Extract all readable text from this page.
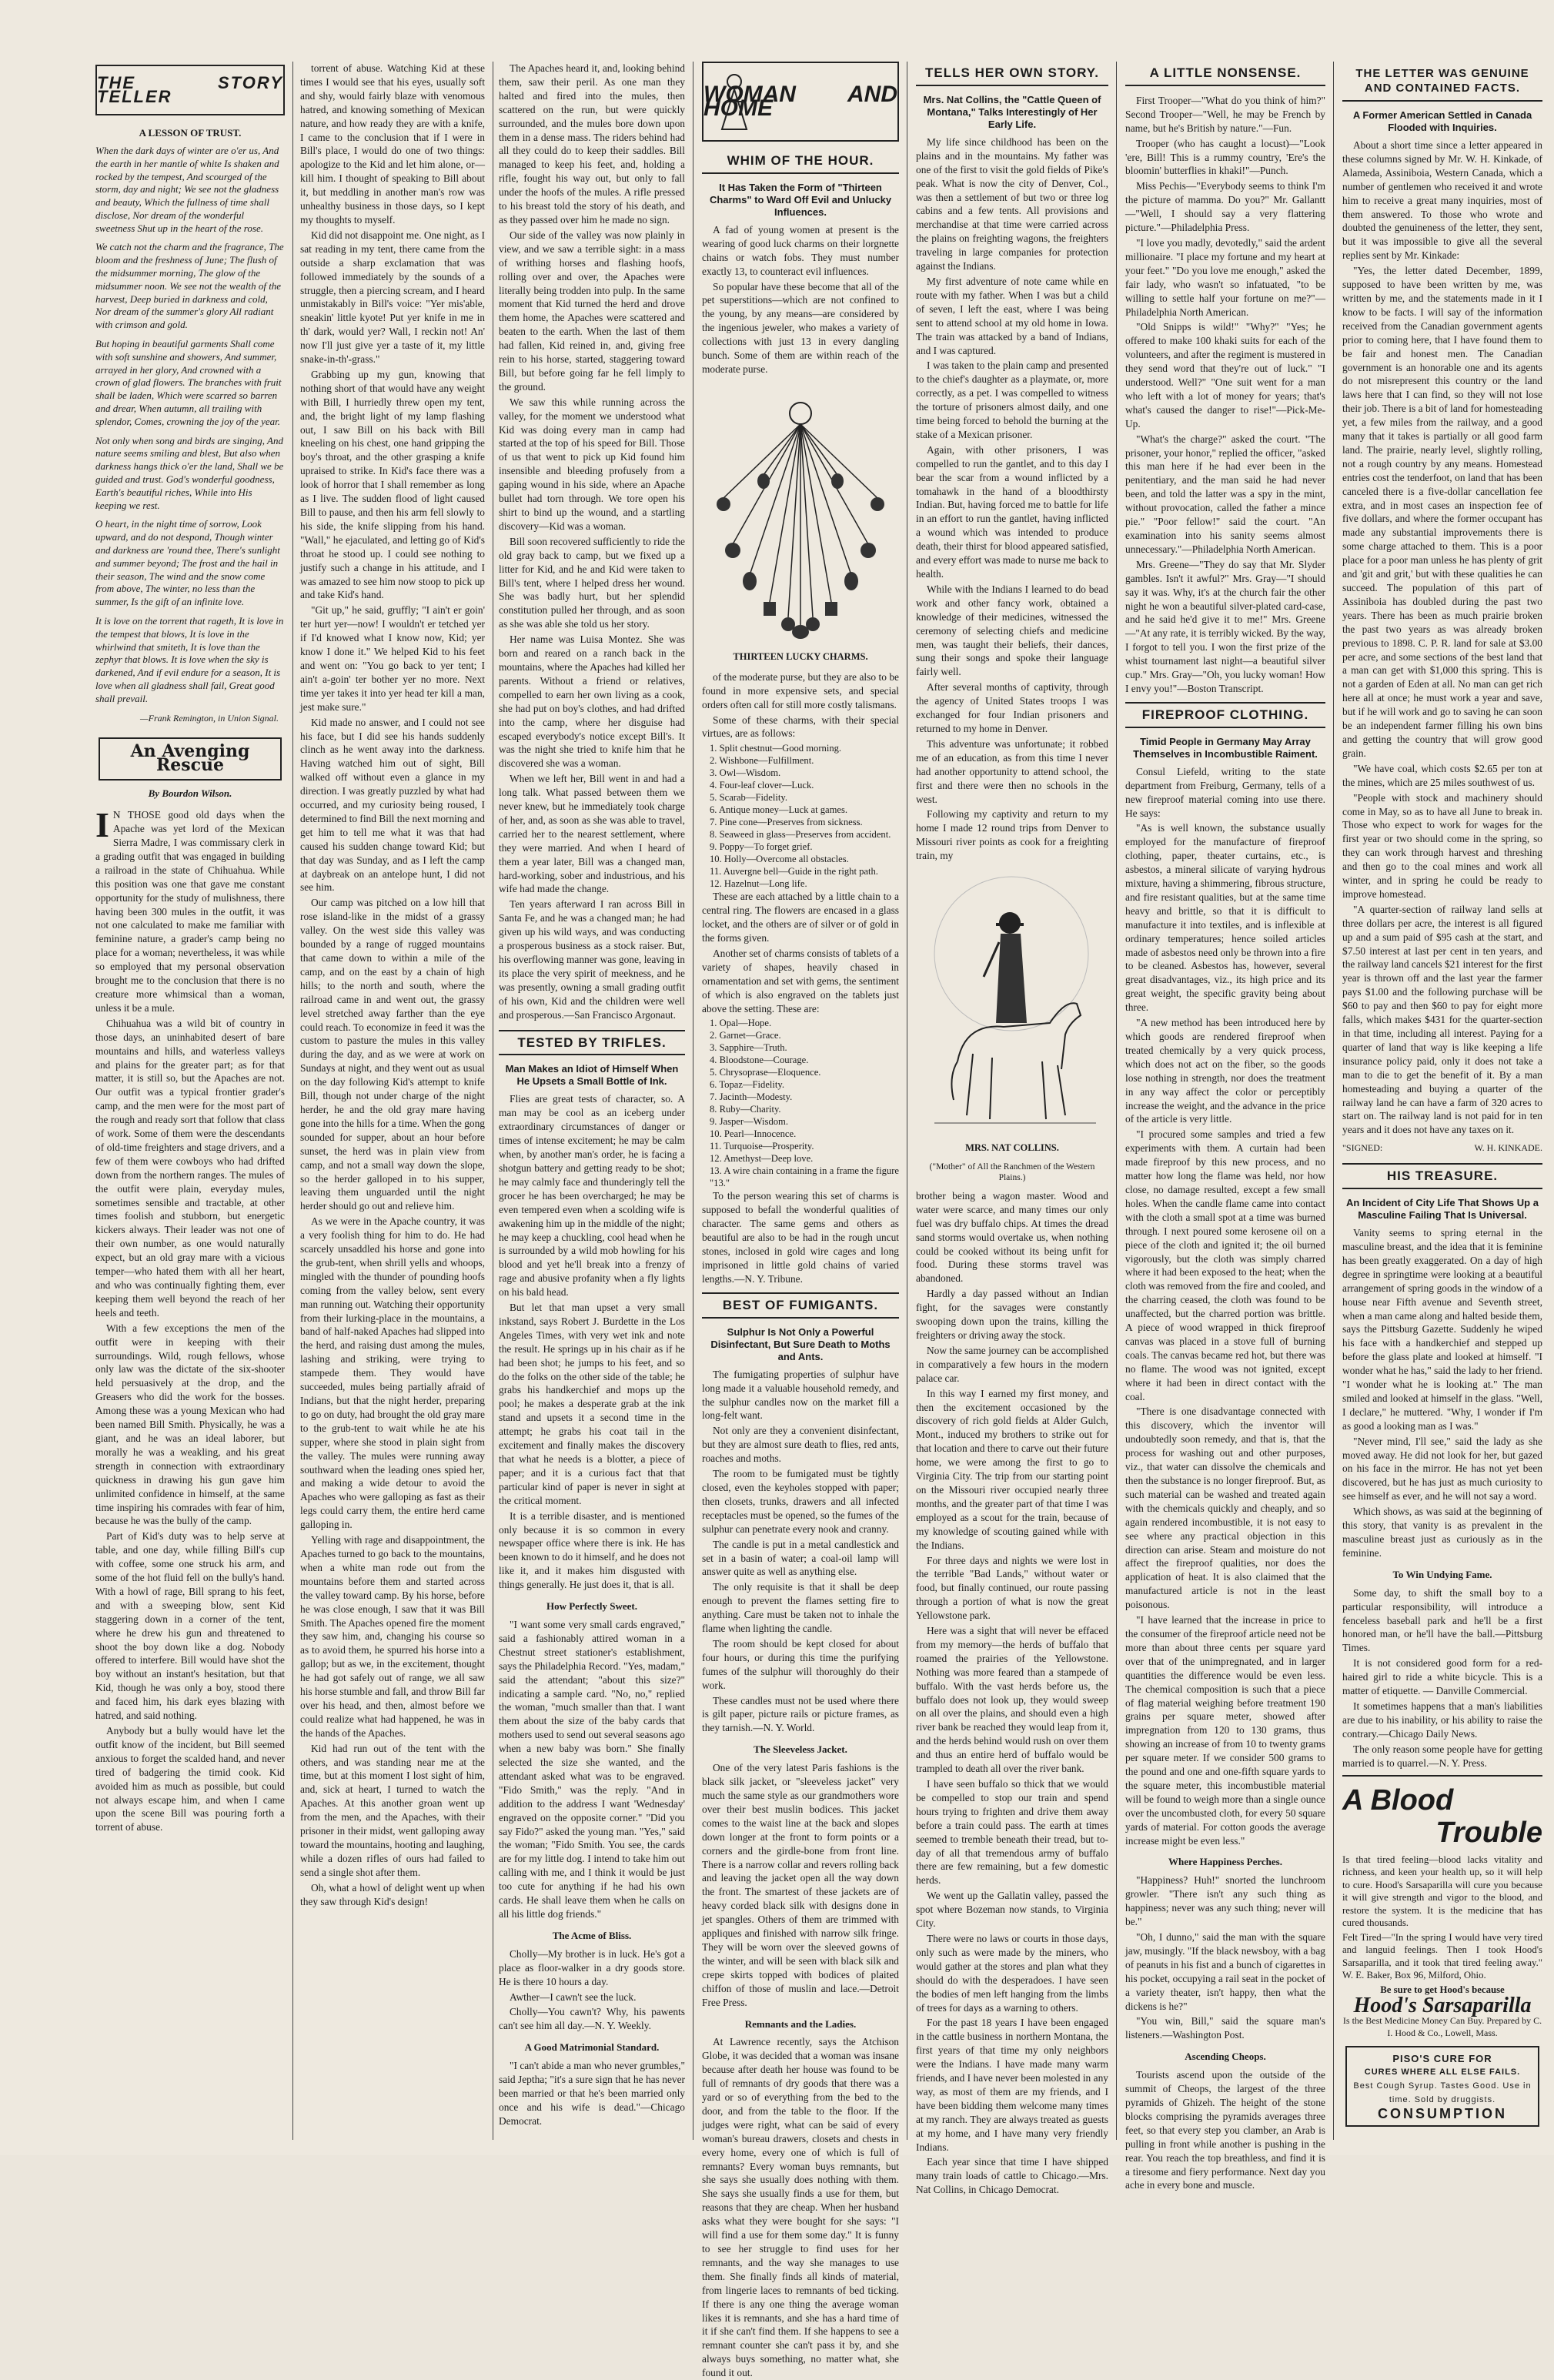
THE STORY TELLER
A LESSON OF TRUST.

When the dark days of winter are o'er us, And the earth in her mantle of white Is shaken and rocked by the tempest, And scourged of the storm, day and night; We see not the gladness and beauty, Which the fullness of time shall disclose, Nor dream of the wonderful sweetness Shut up in the heart of the rose.

We catch not the charm and the fragrance, The bloom and the freshness of June; The flush of the midsummer morning, The glow of the midsummer noon. We see not the wealth of the harvest, Deep buried in darkness and cold, Nor dream of the summer's glory All radiant with crimson and gold.

But hoping in beautiful garments Shall come with soft sunshine and showers, And summer, arrayed in her glory, And crowned with a crown of glad flowers. The branches with fruit shall be laden, Which were scarred so barren and drear, When autumn, all trailing with splendor, Comes, crowning the joy of the year.

Not only when song and birds are singing, And nature seems smiling and blest, But also when darkness hangs thick o'er the land, Shall we be guided and trust. God's wonderful goodness, Earth's beautiful riches, While into His keeping we rest.

O heart, in the night time of sorrow, Look upward, and do not despond, Though winter and darkness are 'round thee, There's sunlight and summer beyond; The frost and the hail in their season, The wind and the snow come from above, The winter, no less than the summer, Is the gift of an infinite love.

It is love on the torrent that rageth, It is love in the tempest that blows, It is love in the whirlwind that smiteth, It is love than the zephyr that blows. It is love when the sky is darkened, And if evil endure for a season, It is love when all gladness shall fail, Great good shall prevail.

—Frank Remington, in Union Signal.
An Avenging Rescue
By Bourdon Wilson.
I N THOSE good old days when the Apache was yet lord of the Mexican Sierra Madre, I was commissary clerk in a grading outfit that was engaged in building a railroad in the state of Chihuahua. While this position was one that gave me constant opportunity for the study of mulishness, there having been 300 mules in the outfit, it was not one calculated to make me familiar with feminine nature, a grader's camp being no place for a woman; nevertheless, it was while so employed that my personal observation brought me to the conclusion that there is no creature more whimsical than a woman, unless it be a mule.

Chihuahua was a wild bit of country in those days, an uninhabited desert of bare mountains and hills, and waterless valleys and plains for the greater part; as for that matter, it is still so, but the Apaches are not. Our outfit was a typical frontier grader's camp, and the men were for the most part of the rough and ready sort that follow that class of work. Some of them were the descendants of old-time freighters and stage drivers, and a few of them were cowboys who had drifted down from the northern ranges. The mules of the outfit were plain, everyday mules, sometimes sensible and tractable, at other times foolish and stubborn, but energetic kickers always. Their leader was not one of their own number, as one would naturally expect, but an old gray mare with a vicious temper—who hated them with all her heart, and who was continually fighting them, ever keeping them well beyond the reach of her heels and teeth.

With a few exceptions the men of the outfit were in keeping with their surroundings. Wild, rough fellows, whose only law was the dictate of the six-shooter held persuasively at the drop, and the Greasers who did the work for the bosses. Among these was a young Mexican who had been named Bill Smith. Physically, he was a giant, and he was an ideal laborer, but morally he was a weakling, and his great strength in connection with extraordinary quickness in drawing his gun gave him unlimited confidence in himself, at the same time inspiring his comrades with fear of him, because he was the bully of the camp.

Part of Kid's duty was to help serve at table, and one day, while filling Bill's cup with coffee, some one struck his arm, and some of the hot fluid fell on the bully's hand. With a howl of rage, Bill sprang to his feet, and with a sweeping blow, sent Kid staggering down in a corner of the tent, where he drew his gun and threatened to shoot the boy down like a dog. Nobody offered to interfere. Bill would have shot the boy without an instant's hesitation, but that Kid, though he was only a boy, stood there and faced him, his dark eyes blazing with hatred, and said nothing.

Anybody but a bully would have let the outfit know of the incident, but Bill seemed anxious to forget the scalded hand, and never tired of badgering the timid cook. Kid avoided him as much as possible, but could not always escape him, and when I came upon the scene Bill was pouring forth a torrent of abuse.

torrent of abuse. Watching Kid at these times I would see that his eyes, usually soft and shy, would fairly blaze with venomous hatred, and knowing something of Mexican nature, and how ready they are with a knife, I came to the conclusion that if I were in Bill's place, I would do one of two things: apologize to the Kid and let him alone, or—kill him. I thought of speaking to Bill about it, but meddling in another man's row was unhealthy business in those days, so I kept my thoughts to myself.

Kid did not disappoint me. One night, as I sat reading in my tent, there came from the outside a sharp exclamation that was followed immediately by the sounds of a struggle, then a piercing scream, and I heard unmistakably in Bill's voice: "Yer mis'able, sneakin' little kyote! Put yer knife in me in th' dark, would yer? Wall, I reckin not! An' now I'll just give yer a taste of it, my little snake-in-th'-grass."

Grabbing up my gun, knowing that nothing short of that would have any weight with Bill, I hurriedly threw open my tent, and, the bright light of my lamp flashing out, I saw Bill on his back with Bill kneeling on his chest, one hand gripping the boy's throat, and the other grasping a knife upraised to strike. In Kid's face there was a look of horror that I shall remember as long as I live. The sudden flood of light caused Bill to pause, and then his arm fell slowly to his side, the knife slipping from his hand. "Wall," he ejaculated, and letting go of Kid's throat he stood up. I could see nothing to justify such a change in his attitude, and I was amazed to see him now stoop to pick up and take Kid's hand.

"Git up," he said, gruffly; "I ain't er goin' ter hurt yer—now! I wouldn't er tetched yer if I'd knowed what I know now, Kid; yer know I done it." We helped Kid to his feet and went on: "You go back to yer tent; I ain't a-goin' ter bother yer no more. Next time yer takes it into yer head ter kill a man, jest make sure."

Kid made no answer, and I could not see his face, but I did see his hands suddenly clinch as he went away into the darkness. Having watched him out of sight, Bill walked off without even a glance in my direction. I was greatly puzzled by what had occurred, and my curiosity being roused, I determined to find Bill the next morning and get him to tell me what it was that had caused his sudden change toward Kid; but that day was Sunday, and as I left the camp at daybreak on an antelope hunt, I did not see him.

Our camp was pitched on a low hill that rose island-like in the midst of a grassy valley. On the west side this valley was bounded by a range of rugged mountains that came down to within a mile of the camp, and on the east by a chain of high hills; to the north and south, where the railroad came in and went out, the grassy level stretched away farther than the eye could reach. To economize in feed it was the custom to pasture the mules in this valley during the day, and as we were at work on Sundays at night, and they went out as usual on the day following Kid's attempt to knife Bill, though not under charge of the night herder, he and the old gray mare having gone into the hills for a time. When the gong sounded for supper, about an hour before sunset, the herd was in plain view from camp, and not a small way down the slope, so the herder galloped in to his supper, leaving them unguarded until the night herder should go out and relieve him.

As we were in the Apache country, it was a very foolish thing for him to do. He had scarcely unsaddled his horse and gone into the grub-tent, when shrill yells and whoops, mingled with the thunder of pounding hoofs coming from the valley below, sent every man running out. Watching their opportunity from their lurking-place in the mountains, a band of half-naked Apaches had slipped into the herd, and raising dust among the mules, lashing and striking, were trying to stampede them. They would have succeeded, mules being partially afraid of Indians, but that the night herder, preparing to go on duty, had brought the old gray mare to the grub-tent to wait while he ate his supper, where she stood in plain sight from the valley. The mules were running away southward when the leading ones spied her, and making a wide detour to avoid the Apaches who were galloping as fast as their legs could carry them, the entire herd came galloping in.

Yelling with rage and disappointment, the Apaches turned to go back to the mountains, when a white man rode out from the mountains before them and started across the valley toward camp. By his horse, before he was close enough, I saw that it was Bill Smith. The Apaches opened fire the moment they saw him, and, changing his course so as to avoid them, he spurred his horse into a gallop; but as we, in the excitement, thought he had got safely out of range, we all saw his horse stumble and fall, and throw Bill far over his head, and then, almost before we could realize what had happened, he was in the hands of the Apaches.

Kid had run out of the tent with the others, and was standing near me at the time, but at this moment I lost sight of him, and, sick at heart, I turned to watch the Apaches. At this another groan went up from the men, and the Apaches, with their prisoner in their midst, went galloping away toward the mountains, hooting and laughing, while a dozen rifles of ours had failed to send a single shot after them.

Oh, what a howl of delight went up when they saw through Kid's design!

The Apaches heard it, and, looking behind them, saw their peril. As one man they halted and fired into the mules, then scattered on the run, but were quickly surrounded, and the mules bore down upon them in a dense mass. The riders behind had all they could do to keep their saddles. Bill managed to keep his feet, and, holding a rifle, fought his way out, but only to fall under the hoofs of the mules. A rifle pressed to his breast told the story of his death, and as they passed over him he made no sign.

Our side of the valley was now plainly in view, and we saw a terrible sight: in a mass of writhing horses and flashing hoofs, rolling over and over, the Apaches were literally being trodden into pulp. In the same moment that Kid turned the herd and drove them home, the Apaches were scattered and beaten to the earth. When the last of them had fallen, Kid reined in, and, giving free rein to his horse, started, staggering toward Bill, but before going far he fell limply to the ground.

We saw this while running across the valley, for the moment we understood what Kid was doing every man in camp had started at the top of his speed for Bill. Those of us that went to pick up Kid found him insensible and bleeding profusely from a gaping wound in his side, where an Apache bullet had torn through. We tore open his shirt to bind up the wound, and a startling discovery—Kid was a woman.

Bill soon recovered sufficiently to ride the old gray back to camp, but we fixed up a litter for Kid, and he and Kid were taken to Bill's tent, where I helped dress her wound. She was badly hurt, but her splendid constitution pulled her through, and as soon as she was able she told us her story.

Her name was Luisa Montez. She was born and reared on a ranch back in the mountains, where the Apaches had killed her parents. Without a friend or relatives, compelled to earn her own living as a cook, she had put on boy's clothes, and had drifted into the camp, where her disguise had escaped everybody's notice except Bill's. It was the night she tried to knife him that he discovered she was a woman.

When we left her, Bill went in and had a long talk. What passed between them we never knew, but he immediately took charge of her, and, as soon as she was able to travel, carried her to the nearest settlement, where they were married. And when I heard of them a year later, Bill was a changed man, hard-working, sober and industrious, and his wife had made the change.

Ten years afterward I ran across Bill in Santa Fe, and he was a changed man; he had given up his wild ways, and was conducting a prosperous business as a stock raiser. But, his overflowing manner was gone, leaving in its place the very spirit of meekness, and he was presently, owning a small grading outfit of his own, Kid and the children were well and prosperous.—San Francisco Argonaut.

TESTED BY TRIFLES.
Man Makes an Idiot of Himself When He Upsets a Small Bottle of Ink.

Flies are great tests of character, so. A man may be cool as an iceberg under extraordinary circumstances of danger or times of intense excitement; he may be calm when, by another man's order, he is facing a shotgun battery and getting ready to be shot; he may calmly face and thunderingly tell the grocer he has been overcharged; he may be even tempered even when a scolding wife is awakening him up in the middle of the night; he may keep a chuckling, cool head when he is surrounded by a wild mob howling for his blood and yet he'll break into a frenzy of rage and abusive profanity when a fly lights on his bald head.

But let that man upset a very small inkstand, says Robert J. Burdette in the Los Angeles Times, with very wet ink and note the result. He springs up in his chair as if he had been shot; he jumps to his feet, and so do the folks on the other side of the table; he grabs his handkerchief and mops up the pool; he makes a desperate grab at the ink stand and upsets it a second time in the attempt; he grabs his coat tail in the excitement and finally makes the discovery that what he needs is a blotter, a piece of paper; and it is a curious fact that that particular kind of paper is never in sight at the critical moment.

It is a terrible disaster, and is mentioned only because it is so common in every newspaper office where there is ink. He has been known to do it himself, and he does not like it, and it makes him disgusted with things generally. He just does it, that is all.

How Perfectly Sweet.

"I want some very small cards engraved," said a fashionably attired woman in a Chestnut street stationer's establishment, says the Philadelphia Record. "Yes, madam," said the attendant; "about this size?" indicating a sample card. "No, no," replied the woman, "much smaller than that. I want them about the size of the baby cards that mothers used to send out several seasons ago when a new baby was born." She finally selected the size she wanted, and the attendant asked what was to be engraved. "Fido Smith," was the reply. "And in addition to the address I want 'Wednesday' engraved on the opposite corner." "Did you say Fido?" asked the young man. "Yes," said the woman; "Fido Smith. You see, the cards are for my little dog. I intend to take him out calling with me, and I think it would be just too cute for anything if he had his own cards. He shall leave them when he calls on all his little dog friends."

The Acme of Bliss.

Cholly—My brother is in luck. He's got a place as floor-walker in a dry goods store. He is there 10 hours a day.

Awther—I cawn't see the luck.

Cholly—You cawn't? Why, his pawents can't see him all day.—N. Y. Weekly.

A Good Matrimonial Standard.

"I can't abide a man who never grumbles," said Jeptha; "it's a sure sign that he has never been married or that he's been married only once and his wife is dead."—Chicago Democrat.

WOMAN AND HOME
WHIM OF THE HOUR.
It Has Taken the Form of "Thirteen Charms" to Ward Off Evil and Unlucky Influences.

A fad of young women at present is the wearing of good luck charms on their lorgnette chains or watch fobs. They must number exactly 13, to counteract evil influences.

So popular have these become that all of the pet superstitions—which are not confined to the young, by any means—are considered by the ingenious jeweler, who makes a variety of collections with just 13 in every dangling bunch. Some of them are within reach of the moderate purse.

THIRTEEN LUCKY CHARMS.

of the moderate purse, but they are also to be found in more expensive sets, and special orders often call for still more costly talismans.

Some of these charms, with their special virtues, are as follows:

1. Split chestnut—Good morning.

2. Wishbone—Fulfillment.

3. Owl—Wisdom.

4. Four-leaf clover—Luck.

5. Scarab—Fidelity.

6. Antique money—Luck at games.

7. Pine cone—Preserves from sickness.

8. Seaweed in glass—Preserves from accident.

9. Poppy—To forget grief.

10. Holly—Overcome all obstacles.

11. Auvergne bell—Guide in the right path.

12. Hazelnut—Long life.

These are each attached by a little chain to a central ring. The flowers are encased in a glass locket, and the others are of silver or of gold in the forms given.

Another set of charms consists of tablets of a variety of shapes, heavily chased in ornamentation and set with gems, the sentiment of which is also engraved on the tablets just above the setting. These are:

1. Opal—Hope.

2. Garnet—Grace.

3. Sapphire—Truth.

4. Bloodstone—Courage.

5. Chrysoprase—Eloquence.

6. Topaz—Fidelity.

7. Jacinth—Modesty.

8. Ruby—Charity.

9. Jasper—Wisdom.

10. Pearl—Innocence.

11. Turquoise—Prosperity.

12. Amethyst—Deep love.

13. A wire chain containing in a frame the figure "13."

To the person wearing this set of charms is supposed to befall the wonderful qualities of character. The same gems and others as beautiful are also to be had in the rough uncut stones, inclosed in gold wire cages and long imprisoned in little gold chains of varied lengths.—N. Y. Tribune.

BEST OF FUMIGANTS.
Sulphur Is Not Only a Powerful Disinfectant, But Sure Death to Moths and Ants.

The fumigating properties of sulphur have long made it a valuable household remedy, and the sulphur candles now on the market fill a long-felt want.

Not only are they a convenient disinfectant, but they are almost sure death to flies, red ants, roaches and moths.

The room to be fumigated must be tightly closed, even the keyholes stopped with paper; then closets, trunks, drawers and all infected receptacles must be opened, so the fumes of the sulphur can penetrate every nook and cranny.

The candle is put in a metal candlestick and set in a basin of water; a coal-oil lamp will answer quite as well as anything else.

The only requisite is that it shall be deep enough to prevent the flames setting fire to anything. Care must be taken not to inhale the flame when lighting the candle.

The room should be kept closed for about four hours, or during this time the purifying fumes of the sulphur will thoroughly do their work.

These candles must not be used where there is gilt paper, picture rails or picture frames, as they tarnish.—N. Y. World.

The Sleeveless Jacket.

One of the very latest Paris fashions is the black silk jacket, or "sleeveless jacket" very much the same style as our grandmothers wore over their best muslin bodices. This jacket comes to the waist line at the back and slopes down longer at the front to form points or a corners and the girdle-bone from front line. There is a narrow collar and revers rolling back and leaving the jacket open all the way down the front. The smartest of these jackets are of heavy corded black silk with designs done in jet spangles. Others of them are trimmed with appliques and finished with narrow silk fringe. They will be worn over the sleeved gowns of the winter, and will be seen with black silk and crepe skirts topped with bodices of plaited chiffon of those of muslin and lace.—Detroit Free Press.

Remnants and the Ladies.

At Lawrence recently, says the Atchison Globe, it was decided that a woman was insane because after death her house was found to be full of remnants of dry goods that there was a yard or so of everything from the bed to the door, and from the table to the floor. If the judges were right, what can be said of every woman's bureau drawers, closets and chests in every home, every one of which is full of remnants? Every woman buys remnants, but she says she usually does nothing with them. She says she usually finds a use for them, but reasons that they are cheap. When her husband asks what they were bought for she says: "I will find a use for them some day." It is funny to see her struggle to find uses for her remnants, and the way she manages to use them. She finally finds all kinds of material, from lingerie laces to remnants of bed ticking. If there is any one thing the average woman likes it is remnants, and she has a hard time of it if she can't find them. If she happens to see a remnant counter she can't pass it by, and she always buys something, no matter what, she found it out.

TELLS HER OWN STORY.
Mrs. Nat Collins, the "Cattle Queen of Montana," Talks Interestingly of Her Early Life.

My life since childhood has been on the plains and in the mountains. My father was one of the first to visit the gold fields of Pike's peak. What is now the city of Denver, Col., was then a settlement of but two or three log cabins and a few tents. All provisions and merchandise at that time were carried across the plains on freighting wagons, the freighters traveling in large companies for protection against the Indians.

My first adventure of note came while en route with my father. When I was but a child of seven, I left the east, where I was being sent to attend school at my old home in Iowa. The train was attacked by a band of Indians, and I was captured.

I was taken to the plain camp and presented to the chief's daughter as a playmate, or, more correctly, as a pet. I was compelled to witness the torture of prisoners almost daily, and one time being forced to behold the burning at the stake of a Mexican prisoner.

Again, with other prisoners, I was compelled to run the gantlet, and to this day I bear the scar from a wound inflicted by a tomahawk in the hand of a bloodthirsty Indian. But, having forced me to battle for life in an effort to run the gantlet, having inflicted a wound which was intended to produce death, their thirst for blood appeared satisfied, and every effort was made to nurse me back to health.

While with the Indians I learned to do bead work and other fancy work, obtained a knowledge of their medicines, witnessed the ceremony of selecting chiefs and medicine men, was taught their beliefs, their dances, sung their songs and spoke their language fairly well.

After several months of captivity, through the agency of United States troops I was exchanged for four Indian prisoners and returned to my home in Denver.

This adventure was unfortunate; it robbed me of an education, as from this time I never had another opportunity to attend school, the first and there were then no schools in the west.

Following my captivity and return to my home I made 12 round trips from Denver to Missouri river points as cook for a freighting train, my

MRS. NAT COLLINS.
("Mother" of All the Ranchmen of the Western Plains.)

brother being a wagon master. Wood and water were scarce, and many times our only fuel was dry buffalo chips. At times the dread sand storms would overtake us, when nothing could be cooked without its being unfit for food. During these storms travel was abandoned.

Hardly a day passed without an Indian fight, for the savages were constantly swooping down upon the trains, killing the freighters or driving away the stock.

Now the same journey can be accomplished in comparatively a few hours in the modern palace car.

In this way I earned my first money, and then the excitement occasioned by the discovery of rich gold fields at Alder Gulch, Mont., induced my brothers to strike out for that location and there to carve out their future home, we were among the first to go to Virginia City. The trip from our starting point on the Missouri river occupied nearly three months, and the greater part of that time I was employed as a scout for the train, because of my knowledge of scouting gained while with the Indians.

For three days and nights we were lost in the terrible "Bad Lands," without water or food, but finally continued, our route passing through a portion of what is now the great Yellowstone park.

Here was a sight that will never be effaced from my memory—the herds of buffalo that roamed the prairies of the Yellowstone. Nothing was more feared than a stampede of buffalo. With the vast herds before us, the buffalo does not look up, they would sweep on all over the plains, and should even a high river bank be reached they would leap from it, and the herds behind would rush on over them and thus an entire herd of buffalo would be trampled to death all over the river bank.

I have seen buffalo so thick that we would be compelled to stop our train and spend hours trying to frighten and drive them away before a train could pass. The earth at times seemed to tremble beneath their tread, but to-day of all that tremendous army of buffalo there are few remaining, but a few domestic herds.

We went up the Gallatin valley, passed the spot where Bozeman now stands, to Virginia City.

There were no laws or courts in those days, only such as were made by the miners, who would gather at the stores and plan what they should do with the desperadoes. I have seen the bodies of men left hanging from the limbs of trees for days as a warning to others.

For the past 18 years I have been engaged in the cattle business in northern Montana, the first years of that time my only neighbors were the Indians. I have made many warm friends, and I have never been molested in any way, as most of them are my friends, and I have been bidding them welcome many times at my ranch. They are always treated as guests at my home, and I have many very friendly Indians.

Each year since that time I have shipped many train loads of cattle to Chicago.—Mrs. Nat Collins, in Chicago Democrat.

A LITTLE NONSENSE.

First Trooper—"What do you think of him?" Second Trooper—"Well, he may be French by name, but he's British by nature."—Fun.

Trooper (who has caught a locust)—"Look 'ere, Bill! This is a rummy country, 'Ere's the bloomin' butterflies in khaki!"—Punch.

Miss Pechis—"Everybody seems to think I'm the picture of mamma. Do you?" Mr. Gallantt—"Well, I should say a very flattering picture."—Philadelphia Press.

"I love you madly, devotedly," said the ardent millionaire. "I place my fortune and my heart at your feet." "Do you love me enough," asked the fair lady, who wasn't so infatuated, "to be willing to settle half your fortune on me?"—Philadelphia North American.

"Old Snipps is wild!" "Why?" "Yes; he offered to make 100 khaki suits for each of the volunteers, and after the regiment is mustered in they send word that they're out of luck." "I understood. Well?" "One suit went for a man who left with a lot of money for years; that's what's caused the danger to rise!"—Pick-Me-Up.

"What's the charge?" asked the court. "The prisoner, your honor," replied the officer, "asked this man here if he had ever been in the penitentiary, and the man said he had never been, and told the latter was a spy in the mint, without provocation, called the father a mince pie." "Poor fellow!" said the court. "An examination into his sanity seems almost unnecessary."—Philadelphia North American.

Mrs. Greene—"They do say that Mr. Slyder gambles. Isn't it awful?" Mrs. Gray—"I should say it was. Why, it's at the church fair the other night he won a beautiful silver-plated card-case, and he said he'd give it to me!" Mrs. Greene—"At any rate, it is terribly wicked. By the way, I forgot to tell you. I won the first prize of the whist tournament last night—a beautiful silver cup." Mrs. Gray—"Oh, you lucky woman! How I envy you!"—Boston Transcript.

FIREPROOF CLOTHING.
Timid People in Germany May Array Themselves in Incombustible Raiment.

Consul Liefeld, writing to the state department from Freiburg, Germany, tells of a new fireproof material coming into use there. He says:

"As is well known, the substance usually employed for the manufacture of fireproof clothing, paper, theater curtains, etc., is asbestos, a mineral silicate of varying hydrous mixture, having a shimmering, fibrous structure, and fire resistant qualities, but at the same time heavy and brittle, so that it is difficult to manufacture it into textiles, and is inflexible at ordinary temperatures; hence soiled articles made of asbestos need only be thrown into a fire to be cleaned. Asbestos has, however, several great disadvantages, viz., its high price and its great weight, the specific gravity being about three.

"A new method has been introduced here by which goods are rendered fireproof when treated chemically by a very quick process, which does not act on the fiber, so the goods lose nothing in strength, nor does the treatment in any way affect the color or perceptibly increase the weight, and the advance in the price of the article is very little.

"I procured some samples and tried a few experiments with them. A curtain had been made fireproof by this new process, and no matter how long the flame was held, nor how close, no damage resulted, except a few small holes. When the candle flame came into contact with the cloth a small spot at a time was burned through. I next poured some kerosene oil on a piece of the cloth and ignited it; the oil burned vigorously, but the cloth was simply charred where it had been exposed to the heat; when the cloth was removed from the fire and cooled, and the charring ceased, the cloth was found to be unaffected, but the charred portion was brittle. A piece of wood wrapped in thick fireproof canvas was placed in a stove full of burning coals. The canvas became red hot, but there was no flame. The wood was not ignited, except where it had been in direct contact with the coal.

"There is one disadvantage connected with this discovery, which the inventor will undoubtedly soon remedy, and that is, that the process for washing out and other purposes, viz., that water can dissolve the chemicals and then the substance is no longer fireproof. But, as such material can be washed and treated again with the chemicals quickly and cheaply, and so again rendered incombustible, it is not easy to see where any practical objection in this direction can arise. Steam and moisture do not affect the fireproof qualities, nor does the application of heat. It is also claimed that the manufactured article is not in the least poisonous.

"I have learned that the increase in price to the consumer of the fireproof article need not be more than about three cents per square yard over that of the unimpregnated, and in larger quantities the difference would be even less. The chemical composition is such that a piece of flag material weighing before treatment 190 grains per square meter, showed after impregnation from 120 to 130 grams, thus showing an increase of from 10 to twenty grams per square meter. If we consider 500 grams to the pound and one and one-fifth square yards to the square meter, this incombustible material will be found to weigh more than a single ounce over the uncombusted cloth, for every 50 square yards of material. For cotton goods the average increase might be even less."

Where Happiness Perches.

"Happiness? Huh!" snorted the lunchroom growler. "There isn't any such thing as happiness; never was any such thing; never will be."

"Oh, I dunno," said the man with the square jaw, musingly. "If the black newsboy, with a bag of peanuts in his fist and a bunch of cigarettes in his pocket, occupying a rail seat in the pocket of a variety theater, isn't happy, then what the dickens is he?"

"You win, Bill," said the square man's listeners.—Washington Post.

Ascending Cheops.

Tourists ascend upon the outside of the summit of Cheops, the largest of the three pyramids of Ghizeh. The height of the stone blocks comprising the pyramids averages three feet, so that every step you clamber, an Arab is pulling in front while another is pushing in the rear. You reach the top breathless, and find it is a tiresome and fiery performance. Next day you ache in every bone and muscle.

THE LETTER WAS GENUINE AND CONTAINED FACTS.
A Former American Settled in Canada Flooded with Inquiries.

About a short time since a letter appeared in these columns signed by Mr. W. H. Kinkade, of Alameda, Assiniboia, Western Canada, which a number of gentlemen who received it and wrote him to receive a great many inquiries, most of them answered. To those who wrote and doubted the genuineness of the letter, they sent, but it was impossible to give all the several replies sent by Mr. Kinkade:

"Yes, the letter dated December, 1899, supposed to have been written by me, was written by me, and the statements made in it I know to be facts. I will say of the information received from the Canadian government agents prior to coming here, that I have found them to be fair and honest men. The Canadian government is an honorable one and its agents do not misrepresent this country or the land laws here that I can find, so they will not lose their job. There is a bit of land for homesteading yet, a few miles from the railway, and a good many that it takes is partially or all good farm land. The prairie, nearly level, slightly rolling, not a rough country by any means. Homestead entries cost the tenderfoot, on land that has been canceled there is a five-dollar cancellation fee extra, and in most cases an inspection fee of five dollars, and where the former occupant has made any substantial improvements there is some charge attached to them. This is a poor place for a poor man unless he has plenty of grit and 'git and grit,' but with these qualities he can succeed. The population of this part of Assiniboia has doubled during the past two years. There has been as much prairie broken the past two years as was already broken previous to 1898. C. P. R. land for sale at $3.00 per acre, and some sections of the best land that a man can get with $1,000 this spring. This is not a garden of Eden at all. No man can get rich here all at once; he must work a year and save, but if he will work and go to saving he can soon be an independent farmer filling his own bins and getting the country that will grow good grain.

"We have coal, which costs $2.65 per ton at the mines, which are 25 miles southwest of us.

"People with stock and machinery should come in May, so as to have all June to break in. Those who expect to work for wages for the first year or two should come in the spring, so they can work through harvest and threshing and then go to the coal mines and work all winter, and in spring he could be ready to improve homestead.

"A quarter-section of railway land sells at three dollars per acre, the interest is all figured up and a sum paid of $95 cash at the start, and $7.50 interest at last per cent in ten years, and the railway land cancels $21 interest for the first year is thrown off and the last year the farmer pays $1.00 and the following purchase will be $60 to pay and then $60 to pay for eight more falls, which makes $431 for the quarter-section in that time, including all interest. Paying for a quarter of land that way is like keeping a life insurance policy paid, only it does not take a man to die to get the benefit of it. By a man homesteading and buying a quarter of the railway land he can have a farm of 320 acres to start on. The railway land is not paid for in ten years and it does not have any taxes on it.

"SIGNED:	W. H. KINKADE.
HIS TREASURE.
An Incident of City Life That Shows Up a Masculine Failing That Is Universal.

Vanity seems to spring eternal in the masculine breast, and the idea that it is feminine has been greatly exaggerated. On a day of high degree in springtime were looking at a beautiful arrangement of spring goods in the window of a house near Fifth avenue and Seventh street, when a man came along and halted beside them, says the Pittsburg Gazette. Suddenly he wiped his face with a handkerchief and stepped up before the glass plate and looked at himself. "I wonder what he has," said the lady to her friend. "I wonder what he is looking at." The man smiled and looked at himself in the glass. "Well, I declare," he muttered. "Why, I wonder if I'm as good a looking man as I was."

"Never mind, I'll see," said the lady as she moved away. He did not look for her, but gazed on his face in the mirror. He has not yet been discovered, but he has just as much curiosity to see himself as ever, and he will not say a word.

Which shows, as was said at the beginning of this story, that vanity is as prevalent in the masculine breast just as curiously as in the feminine.

To Win Undying Fame.

Some day, to shift the small boy to a particular responsibility, will introduce a fenceless baseball park and he'll be a first honored man, or he'll have the ball.—Pittsburg Times.

It is not considered good form for a red-haired girl to ride a white bicycle. This is a matter of etiquette. — Danville Commercial.

It sometimes happens that a man's liabilities are due to his inability, or his ability to raise the contrary.—Chicago Daily News.

The only reason some people have for getting married is to quarrel.—N. Y. Press.

A Blood
Trouble

Is that tired feeling—blood lacks vitality and richness, and keen your health up, so it will help to cure. Hood's Sarsaparilla will cure you because it will give strength and vigor to the blood, and restore the system. It is the medicine that has cured thousands.

Felt Tired—"In the spring I would have very tired and languid feelings. Then I took Hood's Sarsaparilla, and it took that tired feeling away." W. E. Baker, Box 96, Milford, Ohio.

Be sure to get Hood's because

Hood's Sarsaparilla
Is the Best Medicine Money Can Buy. Prepared by C. I. Hood & Co., Lowell, Mass.
PISO'S CURE FOR
CURES WHERE ALL ELSE FAILS.
Best Cough Syrup. Tastes Good. Use in time. Sold by druggists.
CONSUMPTION
